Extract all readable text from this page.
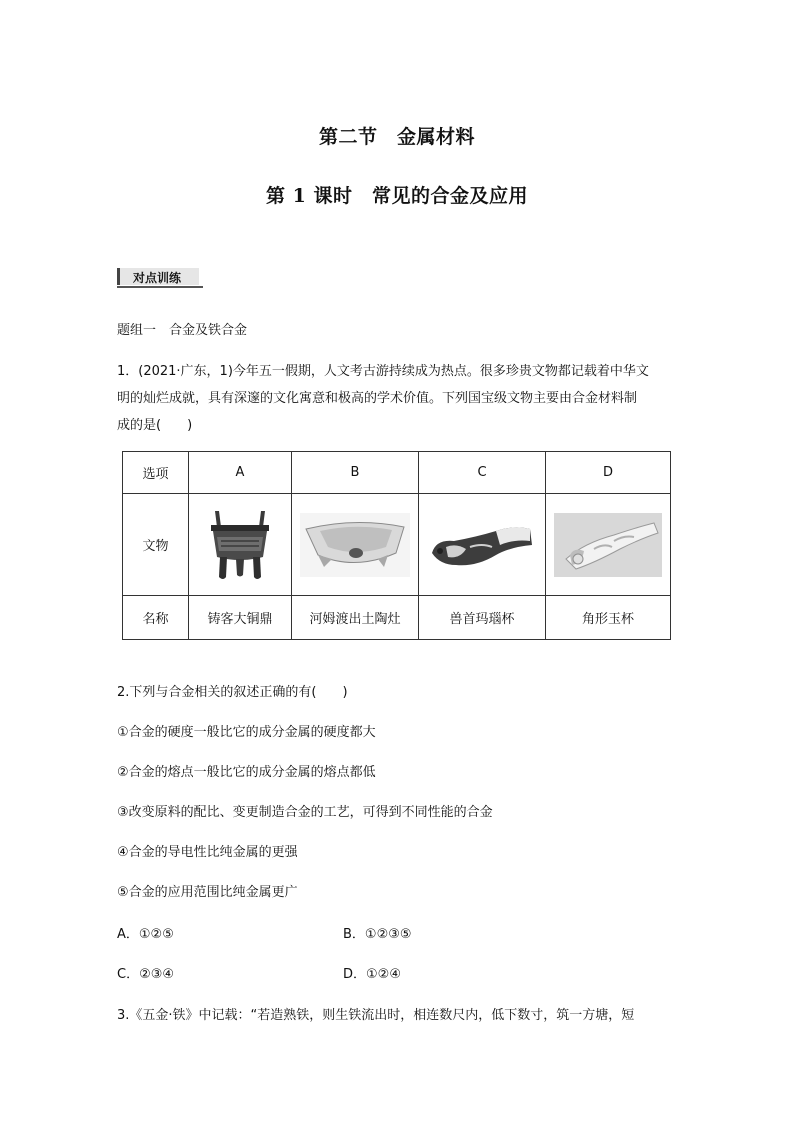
第二节　金属材料
第 1 课时　常见的合金及应用
对点训练
题组一　合金及铁合金
1．(2021·广东，1)今年五一假期，人文考古游持续成为热点。很多珍贵文物都记载着中华文
明的灿烂成就，具有深邃的文化寓意和极高的学术价值。下列国宝级文物主要由合金材料制
成的是(　　)
选项	A	B	C	D
文物	

名称	铸客大铜鼎	河姆渡出土陶灶	兽首玛瑙杯	角形玉杯
2.下列与合金相关的叙述正确的有(　　)
①合金的硬度一般比它的成分金属的硬度都大
②合金的熔点一般比它的成分金属的熔点都低
③改变原料的配比、变更制造合金的工艺，可得到不同性能的合金
④合金的导电性比纯金属的更强
⑤合金的应用范围比纯金属更广
A．①②⑤	B．①②③⑤
C．②③④	D．①②④
3.《五金·铁》中记载：“若造熟铁，则生铁流出时，相连数尺内，低下数寸，筑一方塘，短
